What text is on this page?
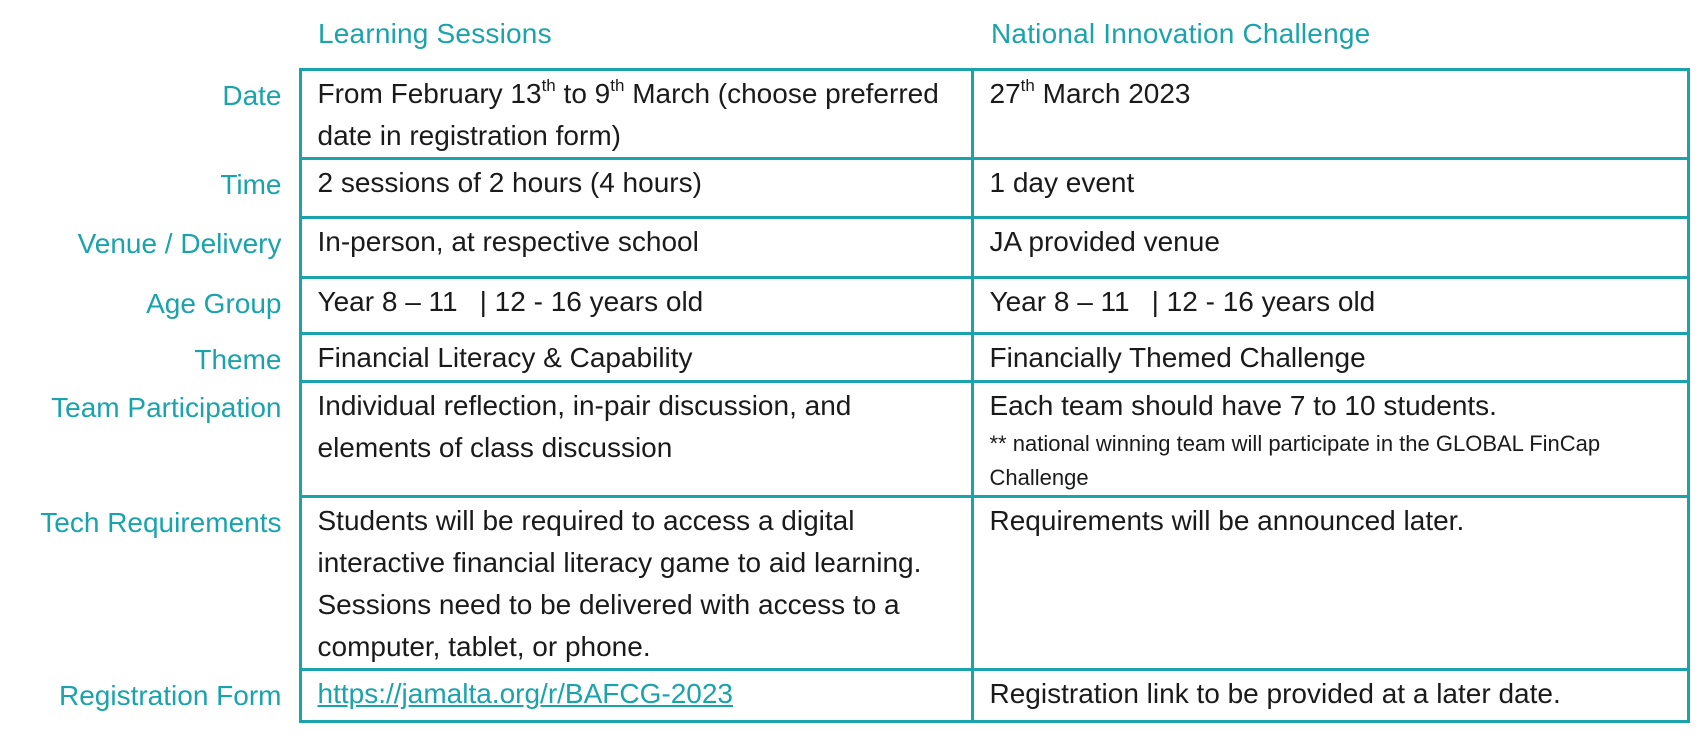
Learning Sessions	National Innovation Challenge
Date	From February 13th to 9th March (choose preferred date in registration form)	27th March 2023
Time	2 sessions of 2 hours (4 hours)	1 day event
Venue / Delivery	In-person, at respective school	JA provided venue
Age Group	Year 8 – 11 | 12 - 16 years old	Year 8 – 11 | 12 - 16 years old
Theme	Financial Literacy & Capability	Financially Themed Challenge
Team Participation	Individual reflection, in-pair discussion, and elements of class discussion	Each team should have 7 to 10 students.
** national winning team will participate in the GLOBAL FinCap Challenge

Tech Requirements	Students will be required to access a digital interactive financial literacy game to aid learning. Sessions need to be delivered with access to a computer, tablet, or phone.	Requirements will be announced later.
Registration Form	https://jamalta.org/r/BAFCG-2023	Registration link to be provided at a later date.
